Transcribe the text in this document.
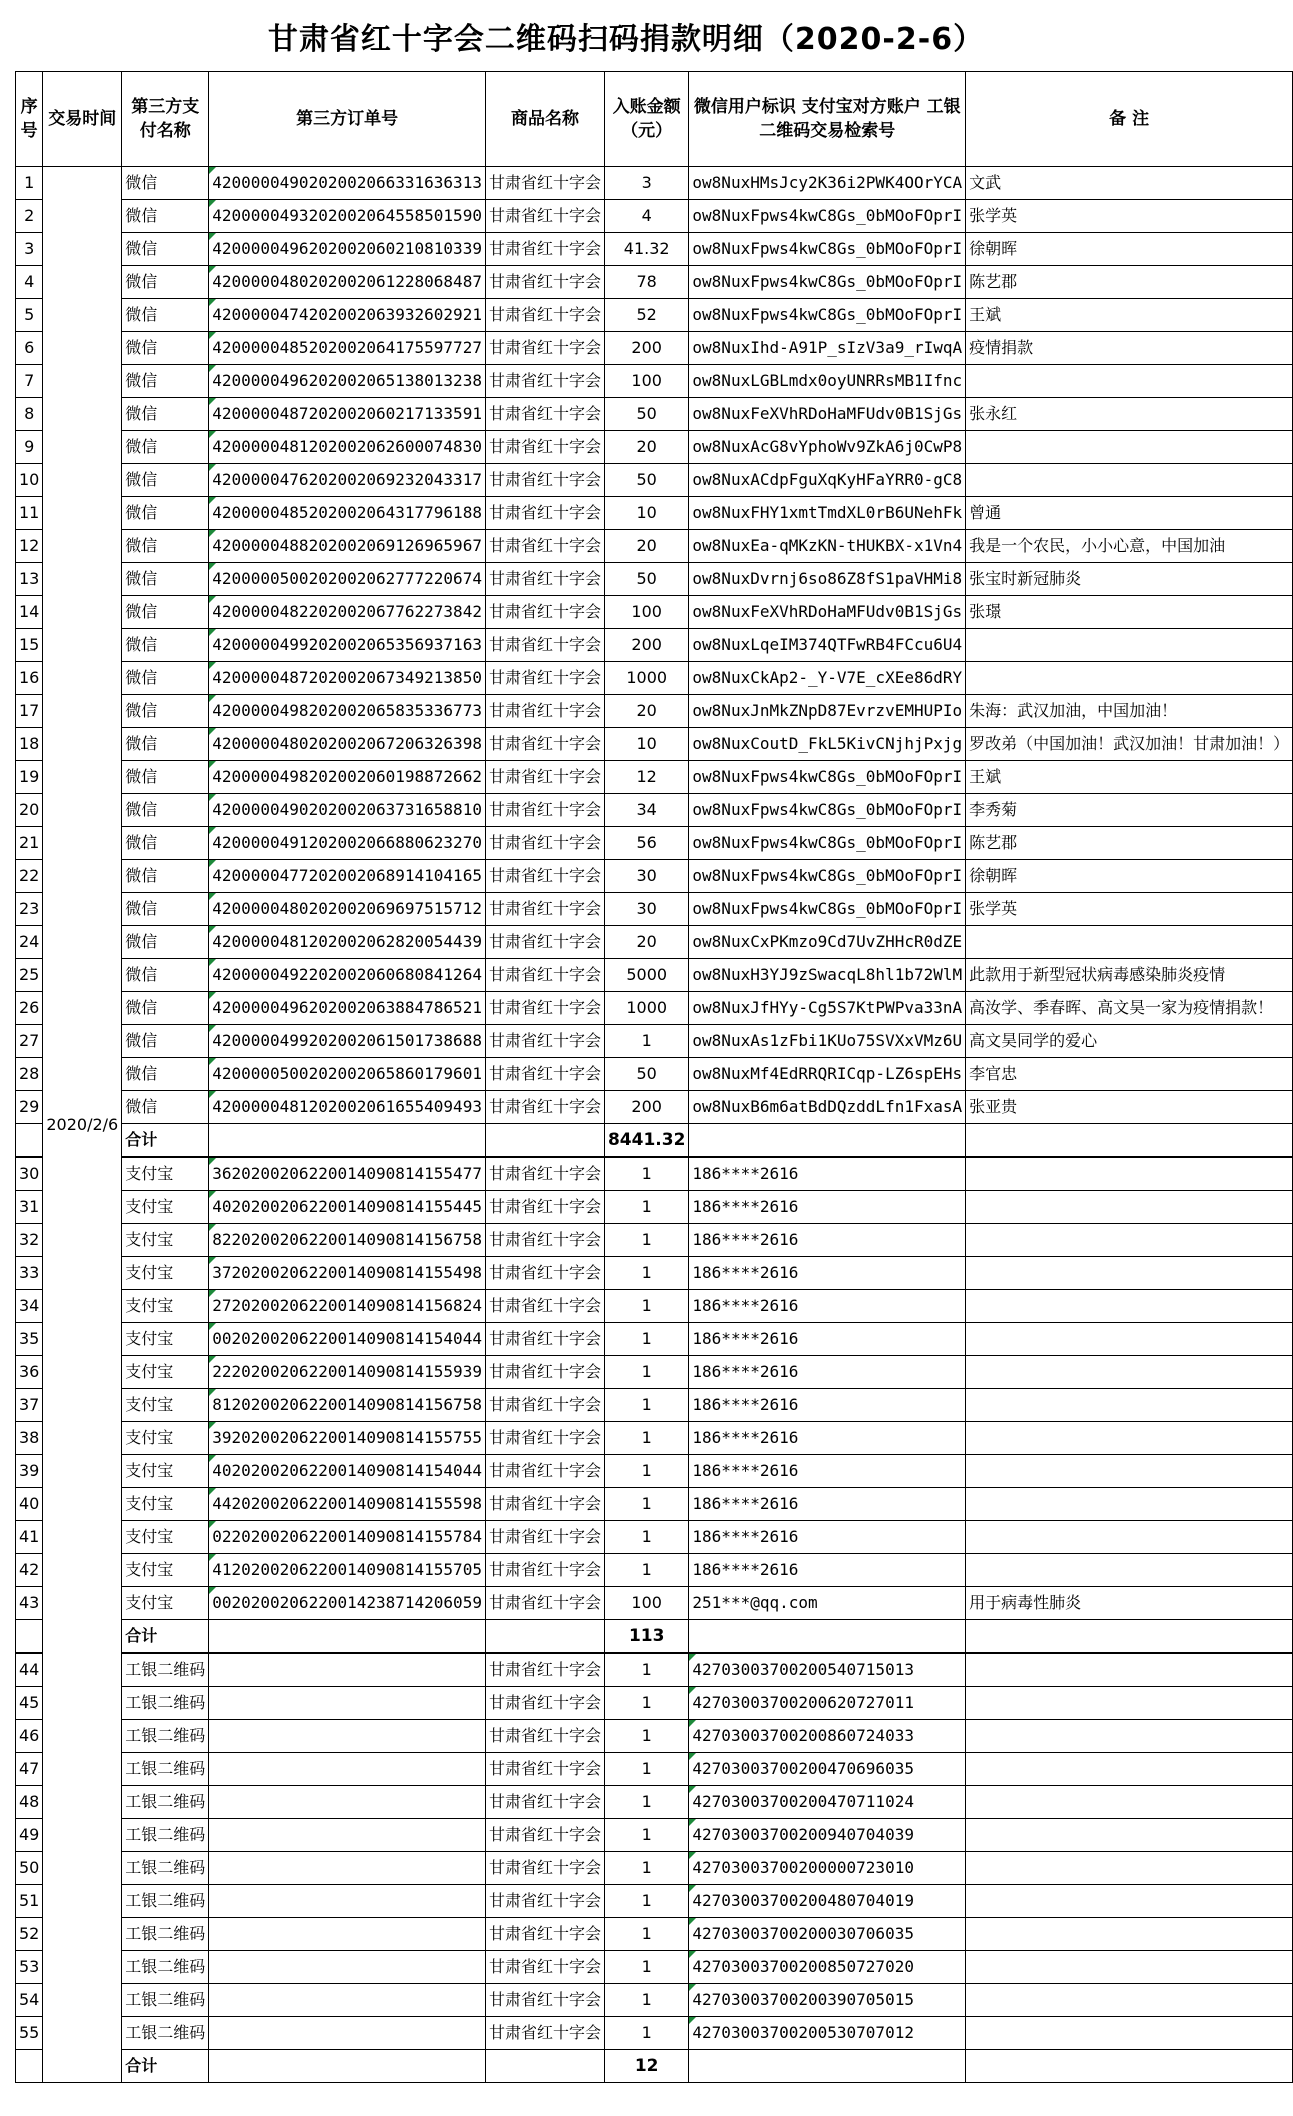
甘肃省红十字会二维码扫码捐款明细（2020-2-6）
序号	交易时间	第三方支付名称	第三方订单号	商品名称	入账金额（元）	微信用户标识 支付宝对方账户 工银二维码交易检索号	备 注
1	2020/2/6	微信	4200000490202002066331636313	甘肃省红十字会	3	ow8NuxHMsJcy2K36i2PWK4OOrYCA	文武
2		微信	4200000493202002064558501590	甘肃省红十字会	4	ow8NuxFpws4kwC8Gs_0bMOoFOprI	张学英
3		微信	4200000496202002060210810339	甘肃省红十字会	41.32	ow8NuxFpws4kwC8Gs_0bMOoFOprI	徐朝晖
4		微信	4200000480202002061228068487	甘肃省红十字会	78	ow8NuxFpws4kwC8Gs_0bMOoFOprI	陈艺郡
5		微信	4200000474202002063932602921	甘肃省红十字会	52	ow8NuxFpws4kwC8Gs_0bMOoFOprI	王斌
6		微信	4200000485202002064175597727	甘肃省红十字会	200	ow8NuxIhd-A91P_sIzV3a9_rIwqA	疫情捐款
7		微信	4200000496202002065138013238	甘肃省红十字会	100	ow8NuxLGBLmdx0oyUNRRsMB1Ifnc	
8		微信	4200000487202002060217133591	甘肃省红十字会	50	ow8NuxFeXVhRDoHaMFUdv0B1SjGs	张永红
9		微信	4200000481202002062600074830	甘肃省红十字会	20	ow8NuxAcG8vYphoWv9ZkA6j0CwP8	
10		微信	4200000476202002069232043317	甘肃省红十字会	50	ow8NuxACdpFguXqKyHFaYRR0-gC8	
11		微信	4200000485202002064317796188	甘肃省红十字会	10	ow8NuxFHY1xmtTmdXL0rB6UNehFk	曾通
12		微信	4200000488202002069126965967	甘肃省红十字会	20	ow8NuxEa-qMKzKN-tHUKBX-x1Vn4	我是一个农民，小小心意，中国加油
13		微信	4200000500202002062777220674	甘肃省红十字会	50	ow8NuxDvrnj6so86Z8fS1paVHMi8	张宝时新冠肺炎
14		微信	4200000482202002067762273842	甘肃省红十字会	100	ow8NuxFeXVhRDoHaMFUdv0B1SjGs	张璟
15		微信	4200000499202002065356937163	甘肃省红十字会	200	ow8NuxLqeIM374QTFwRB4FCcu6U4	
16		微信	4200000487202002067349213850	甘肃省红十字会	1000	ow8NuxCkAp2-_Y-V7E_cXEe86dRY	
17		微信	4200000498202002065835336773	甘肃省红十字会	20	ow8NuxJnMkZNpD87EvrzvEMHUPIo	朱海：武汉加油，中国加油！
18		微信	4200000480202002067206326398	甘肃省红十字会	10	ow8NuxCoutD_FkL5KivCNjhjPxjg	罗改弟（中国加油！武汉加油！甘肃加油！）
19		微信	4200000498202002060198872662	甘肃省红十字会	12	ow8NuxFpws4kwC8Gs_0bMOoFOprI	王斌
20		微信	4200000490202002063731658810	甘肃省红十字会	34	ow8NuxFpws4kwC8Gs_0bMOoFOprI	李秀菊
21		微信	4200000491202002066880623270	甘肃省红十字会	56	ow8NuxFpws4kwC8Gs_0bMOoFOprI	陈艺郡
22		微信	4200000477202002068914104165	甘肃省红十字会	30	ow8NuxFpws4kwC8Gs_0bMOoFOprI	徐朝晖
23		微信	4200000480202002069697515712	甘肃省红十字会	30	ow8NuxFpws4kwC8Gs_0bMOoFOprI	张学英
24		微信	4200000481202002062820054439	甘肃省红十字会	20	ow8NuxCxPKmzo9Cd7UvZHHcR0dZE	
25		微信	4200000492202002060680841264	甘肃省红十字会	5000	ow8NuxH3YJ9zSwacqL8hl1b72WlM	此款用于新型冠状病毒感染肺炎疫情
26		微信	4200000496202002063884786521	甘肃省红十字会	1000	ow8NuxJfHYy-Cg5S7KtPWPva33nA	高汝学、季春晖、高文昊一家为疫情捐款！
27		微信	4200000499202002061501738688	甘肃省红十字会	1	ow8NuxAs1zFbi1KUo75SVXxVMz6U	高文昊同学的爱心
28		微信	4200000500202002065860179601	甘肃省红十字会	50	ow8NuxMf4EdRRQRICqp-LZ6spEHs	李官忠
29		微信	4200000481202002061655409493	甘肃省红十字会	200	ow8NuxB6m6atBdDQzddLfn1FxasA	张亚贵
		合计			8441.32		
30		支付宝	3620200206220014090814155477	甘肃省红十字会	1	186****2616	
31		支付宝	4020200206220014090814155445	甘肃省红十字会	1	186****2616	
32		支付宝	8220200206220014090814156758	甘肃省红十字会	1	186****2616	
33		支付宝	3720200206220014090814155498	甘肃省红十字会	1	186****2616	
34		支付宝	2720200206220014090814156824	甘肃省红十字会	1	186****2616	
35		支付宝	0020200206220014090814154044	甘肃省红十字会	1	186****2616	
36		支付宝	2220200206220014090814155939	甘肃省红十字会	1	186****2616	
37		支付宝	8120200206220014090814156758	甘肃省红十字会	1	186****2616	
38		支付宝	3920200206220014090814155755	甘肃省红十字会	1	186****2616	
39		支付宝	4020200206220014090814154044	甘肃省红十字会	1	186****2616	
40		支付宝	4420200206220014090814155598	甘肃省红十字会	1	186****2616	
41		支付宝	0220200206220014090814155784	甘肃省红十字会	1	186****2616	
42		支付宝	4120200206220014090814155705	甘肃省红十字会	1	186****2616	
43		支付宝	0020200206220014238714206059	甘肃省红十字会	100	251***@qq.com	用于病毒性肺炎
		合计			113		
44		工银二维码		甘肃省红十字会	1	427030037002005407150​13	
45		工银二维码		甘肃省红十字会	1	427030037002006207270​11	
46		工银二维码		甘肃省红十字会	1	427030037002008607240​33	
47		工银二维码		甘肃省红十字会	1	427030037002004706960​35	
48		工银二维码		甘肃省红十字会	1	427030037002004707110​24	
49		工银二维码		甘肃省红十字会	1	427030037002009407040​39	
50		工银二维码		甘肃省红十字会	1	427030037002000007230​10	
51		工银二维码		甘肃省红十字会	1	427030037002004807040​19	
52		工银二维码		甘肃省红十字会	1	427030037002000307060​35	
53		工银二维码		甘肃省红十字会	1	427030037002008507270​20	
54		工银二维码		甘肃省红十字会	1	427030037002003907050​15	
55		工银二维码		甘肃省红十字会	1	427030037002005307070​12	
		合计			12		
